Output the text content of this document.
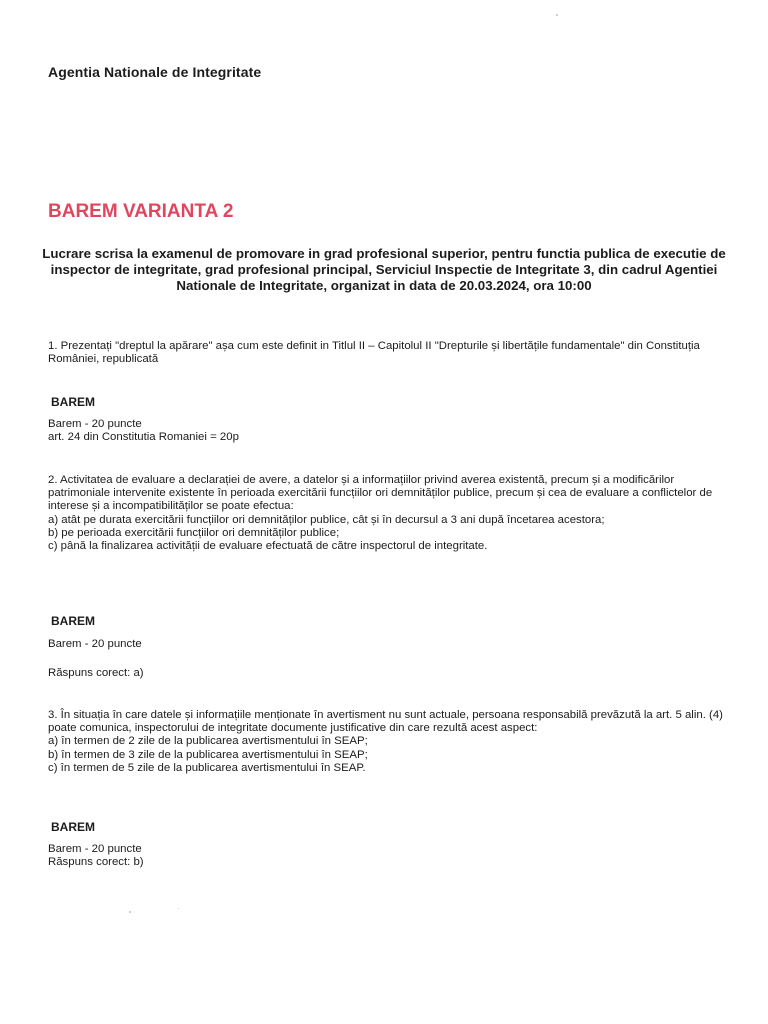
Agentia Nationale de Integritate
BAREM VARIANTA 2
Lucrare scrisa la examenul de promovare in grad profesional superior, pentru functia publica de executie de inspector de integritate, grad profesional principal, Serviciul Inspectie de Integritate 3, din cadrul Agentiei Nationale de Integritate, organizat in data de 20.03.2024, ora 10:00

1. Prezentați "dreptul la apărare" așa cum este definit in Titlul II – Capitolul II "Drepturile și libertățile fundamentale" din Constituția României, republicată

BAREM

Barem - 20 puncte

art. 24 din Constitutia Romaniei = 20p

2. Activitatea de evaluare a declarației de avere, a datelor și a informațiilor privind averea existentă, precum și a modificărilor patrimoniale intervenite existente în perioada exercitării funcțiilor ori demnităților publice, precum și cea de evaluare a conflictelor de interese și a incompatibilităților se poate efectua:

a) atât pe durata exercitării funcțiilor ori demnităților publice, cât și în decursul a 3 ani după încetarea acestora;

b) pe perioada exercitării funcțiilor ori demnităților publice;

c) până la finalizarea activității de evaluare efectuată de către inspectorul de integritate.

BAREM

Barem - 20 puncte

Răspuns corect: a)

3. În situația în care datele și informațiile menționate în avertisment nu sunt actuale, persoana responsabilă prevăzută la art. 5 alin. (4) poate comunica, inspectorului de integritate documente justificative din care rezultă acest aspect:

a) în termen de 2 zile de la publicarea avertismentului în SEAP;

b) în termen de 3 zile de la publicarea avertismentului în SEAP;

c) în termen de 5 zile de la publicarea avertismentului în SEAP.

BAREM

Barem - 20 puncte

Răspuns corect: b)
